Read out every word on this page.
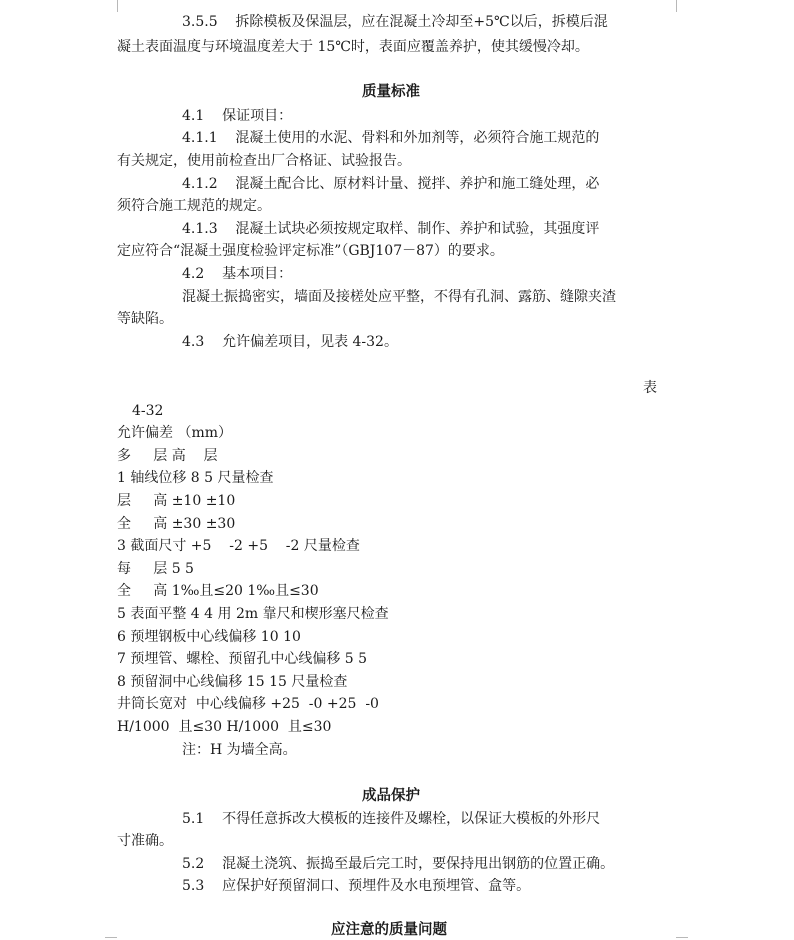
3.5.5    拆除模板及保温层，应在混凝土冷却至+5℃以后，拆模后混
凝土表面温度与环境温度差大于 15℃时，表面应覆盖养护，使其缓慢冷却。
质量标准
4.1    保证项目：
4.1.1    混凝土使用的水泥、骨料和外加剂等，必须符合施工规范的
有关规定，使用前检查出厂合格证、试验报告。
4.1.2    混凝土配合比、原材料计量、搅拌、养护和施工缝处理，必
须符合施工规范的规定。
4.1.3    混凝土试块必须按规定取样、制作、养护和试验，其强度评
定应符合“混凝土强度检验评定标准”（GBJ107－87）的要求。
4.2    基本项目：
混凝土振捣密实，墙面及接槎处应平整，不得有孔洞、露筋、缝隙夹渣
等缺陷。
4.3    允许偏差项目，见表 4-32。
表
4-32
允许偏差 （mm）
多     层 高    层
1 轴线位移 8 5 尺量检查
层     高 ±10 ±10
全     高 ±30 ±30
3 截面尺寸 +5    -2 +5    -2 尺量检查
每     层 5 5
全     高 1‰且≤20 1‰且≤30
5 表面平整 4 4 用 2m 靠尺和楔形塞尺检查
6 预埋钢板中心线偏移 10 10
7 预埋管、螺栓、预留孔中心线偏移 5 5
8 预留洞中心线偏移 15 15 尺量检查
井筒长宽对  中心线偏移 +25  -0 +25  -0
H/1000  且≤30 H/1000  且≤30
注：H 为墙全高。
成品保护
5.1    不得任意拆改大模板的连接件及螺栓，以保证大模板的外形尺
寸准确。
5.2    混凝土浇筑、振捣至最后完工时，要保持甩出钢筋的位置正确。
5.3    应保护好预留洞口、预埋件及水电预埋管、盒等。
应注意的质量问题
